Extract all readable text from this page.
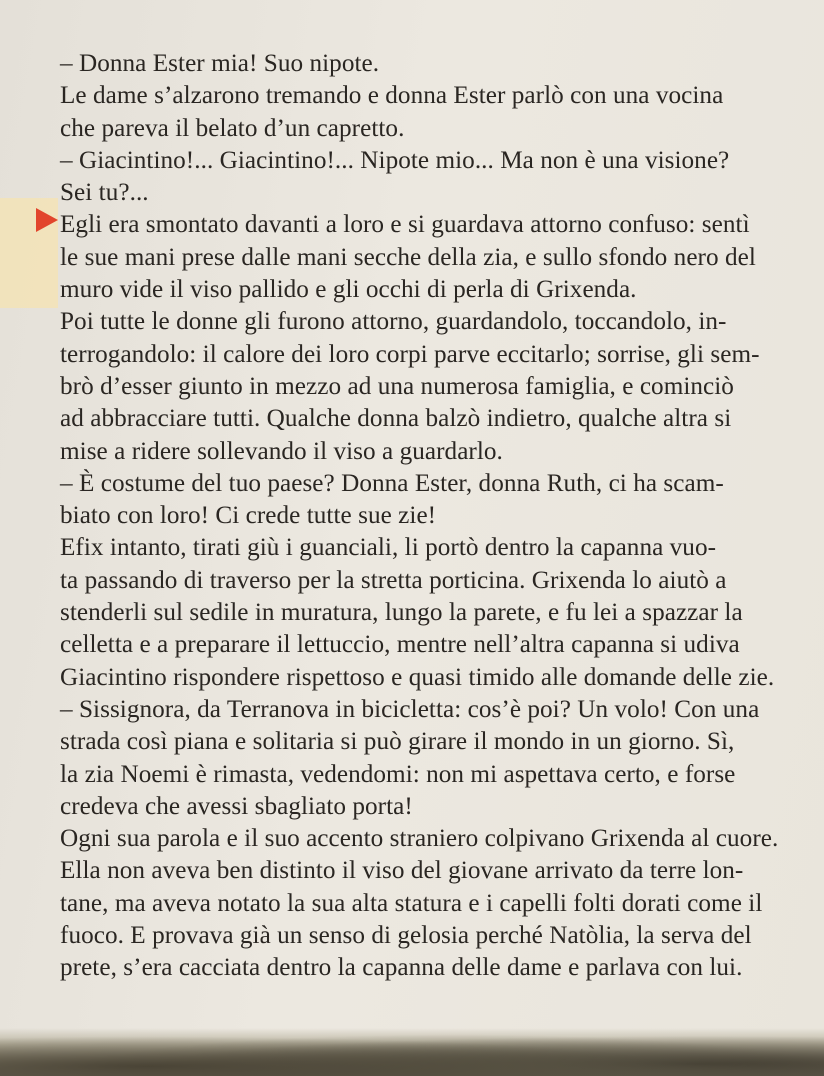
– Donna Ester mia! Suo nipote.
Le dame s’alzarono tremando e donna Ester parlò con una vocina
che pareva il belato d’un capretto.
– Giacintino!... Giacintino!... Nipote mio... Ma non è una visione?
Sei tu?...
Egli era smontato davanti a loro e si guardava attorno confuso: sentì
le sue mani prese dalle mani secche della zia, e sullo sfondo nero del
muro vide il viso pallido e gli occhi di perla di Grixenda.
Poi tutte le donne gli furono attorno, guardandolo, toccandolo, in-
terrogandolo: il calore dei loro corpi parve eccitarlo; sorrise, gli sem-
brò d’esser giunto in mezzo ad una numerosa famiglia, e cominciò
ad abbracciare tutti. Qualche donna balzò indietro, qualche altra si
mise a ridere sollevando il viso a guardarlo.
– È costume del tuo paese? Donna Ester, donna Ruth, ci ha scam-
biato con loro! Ci crede tutte sue zie!
Efix intanto, tirati giù i guanciali, li portò dentro la capanna vuo-
ta passando di traverso per la stretta porticina. Grixenda lo aiutò a
stenderli sul sedile in muratura, lungo la parete, e fu lei a spazzar la
celletta e a preparare il lettuccio, mentre nell’altra capanna si udiva
Giacintino rispondere rispettoso e quasi timido alle domande delle zie.
– Sissignora, da Terranova in bicicletta: cos’è poi? Un volo! Con una
strada così piana e solitaria si può girare il mondo in un giorno. Sì,
la zia Noemi è rimasta, vedendomi: non mi aspettava certo, e forse
credeva che avessi sbagliato porta!
Ogni sua parola e il suo accento straniero colpivano Grixenda al cuore.
Ella non aveva ben distinto il viso del giovane arrivato da terre lon-
tane, ma aveva notato la sua alta statura e i capelli folti dorati come il
fuoco. E provava già un senso di gelosia perché Natòlia, la serva del
prete, s’era cacciata dentro la capanna delle dame e parlava con lui.
